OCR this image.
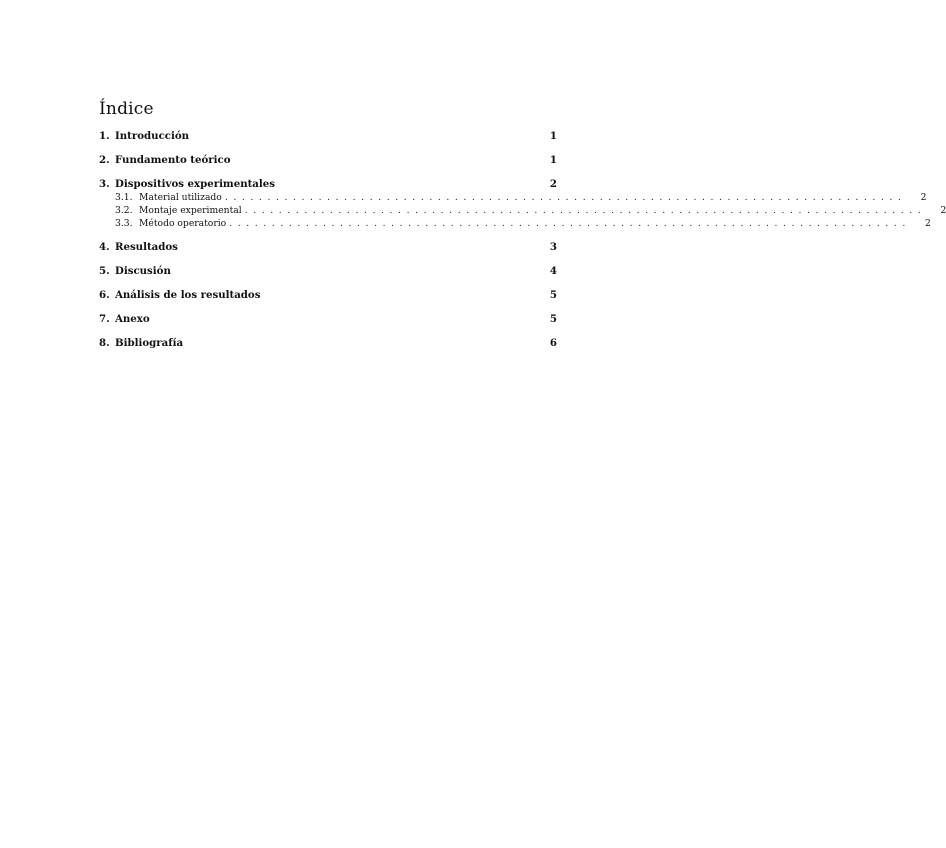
Índice
1. Introducción	1
2. Fundamento teórico	1
3. Dispositivos experimentales	2
3.1. Material utilizado ................................................................................	2
3.2. Montaje experimental ................................................................................	2
3.3. Método operatorio ................................................................................	2
4. Resultados	3
5. Discusión	4
6. Análisis de los resultados	5
7. Anexo	5
8. Bibliografía	6
